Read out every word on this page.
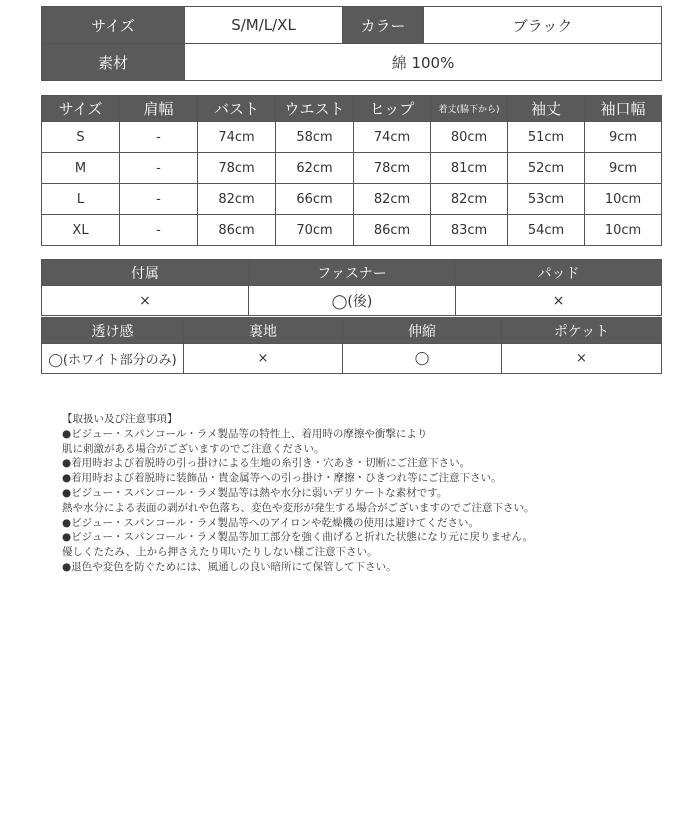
サイズ	S/M/L/XL	カラー	ブラック
素材	綿 100%		
サイズ	肩幅	バスト	ウエスト	ヒップ	着丈(脇下から)	袖丈	袖口幅
S	-	74cm	58cm	74cm	80cm	51cm	9cm
M	-	78cm	62cm	78cm	81cm	52cm	9cm
L	-	82cm	66cm	82cm	82cm	53cm	10cm
XL	-	86cm	70cm	86cm	83cm	54cm	10cm
付属	ファスナー	パッド
×	◯(後)	×
透け感	裏地	伸縮	ポケット
◯(ホワイト部分のみ)	×	◯	×
【取扱い及び注意事項】
●ビジュー・スパンコール・ラメ製品等の特性上、着用時の摩擦や衝撃により
肌に刺激がある場合がございますのでご注意ください。
●着用時および着脱時の引っ掛けによる生地の糸引き・穴あき・切断にご注意下さい。
●着用時および着脱時に装飾品・貴金属等への引っ掛け・摩擦・ひきつれ等にご注意下さい。
●ビジュー・スパンコール・ラメ製品等は熱や水分に弱いデリケートな素材です。
熱や水分による表面の剥がれや色落ち、変色や変形が発生する場合がございますのでご注意下さい。
●ビジュー・スパンコール・ラメ製品等へのアイロンや乾燥機の使用は避けてください。
●ビジュー・スパンコール・ラメ製品等加工部分を強く曲げると折れた状態になり元に戻りません。
優しくたたみ、上から押さえたり叩いたりしない様ご注意下さい。
●退色や変色を防ぐためには、風通しの良い暗所にて保管して下さい。
